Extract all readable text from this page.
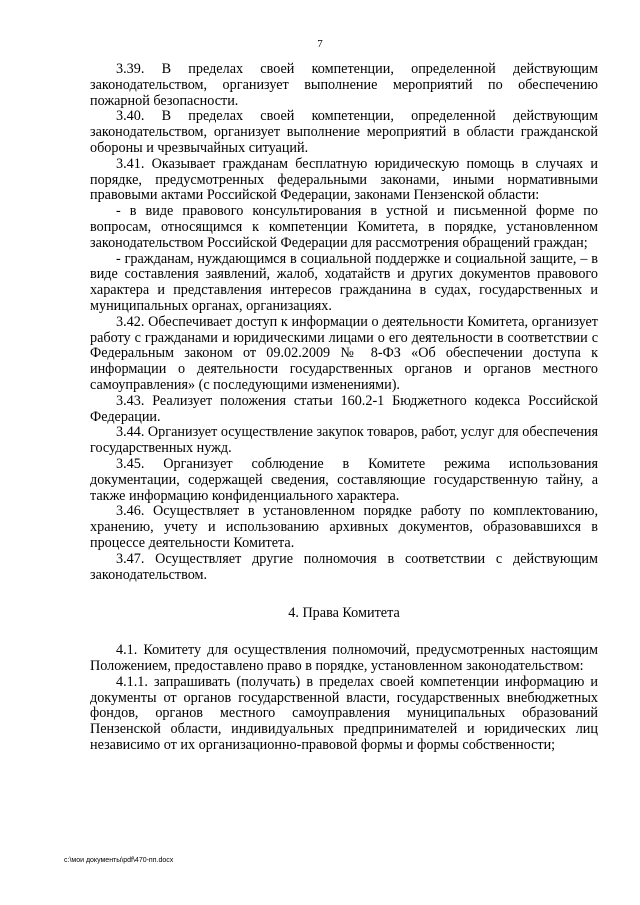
7

3.39. В пределах своей компетенции, определенной действующим законодательством, организует выполнение мероприятий по обеспечению пожарной безопасности.

3.40. В пределах своей компетенции, определенной действующим законодательством, организует выполнение мероприятий в области гражданской обороны и чрезвычайных ситуаций.

3.41. Оказывает гражданам бесплатную юридическую помощь в случаях и порядке, предусмотренных федеральными законами, иными нормативными правовыми актами Российской Федерации, законами Пензенской области:

- в виде правового консультирования в устной и письменной форме по вопросам, относящимся к компетенции Комитета, в порядке, установленном законодательством Российской Федерации для рассмотрения обращений граждан;

- гражданам, нуждающимся в социальной поддержке и социальной защите, – в виде составления заявлений, жалоб, ходатайств и других документов правового характера и представления интересов гражданина в судах, государственных и муниципальных органах, организациях.

3.42. Обеспечивает доступ к информации о деятельности Комитета, организует работу с гражданами и юридическими лицами о его деятельности в соответствии с Федеральным законом от 09.02.2009 № 8-ФЗ «Об обеспечении доступа к информации о деятельности государственных органов и органов местного самоуправления» (с последующими изменениями).

3.43. Реализует положения статьи 160.2-1 Бюджетного кодекса Российской Федерации.

3.44. Организует осуществление закупок товаров, работ, услуг для обеспечения государственных нужд.

3.45. Организует соблюдение в Комитете режима использования документации, содержащей сведения, составляющие государственную тайну, а также информацию конфиденциального характера.

3.46. Осуществляет в установленном порядке работу по комплектованию, хранению, учету и использованию архивных документов, образовавшихся в процессе деятельности Комитета.

3.47. Осуществляет другие полномочия в соответствии с действующим законодательством.

4. Права Комитета

4.1. Комитету для осуществления полномочий, предусмотренных настоящим Положением, предоставлено право в порядке, установленном законодательством:

4.1.1. запрашивать (получать) в пределах своей компетенции информацию и документы от органов государственной власти, государственных внебюджетных фондов, органов местного самоуправления муниципальных образований Пензенской области, индивидуальных предпринимателей и юридических лиц независимо от их организационно-правовой формы и формы собственности;

c:\мои документы\pdf\470-пп.docx
